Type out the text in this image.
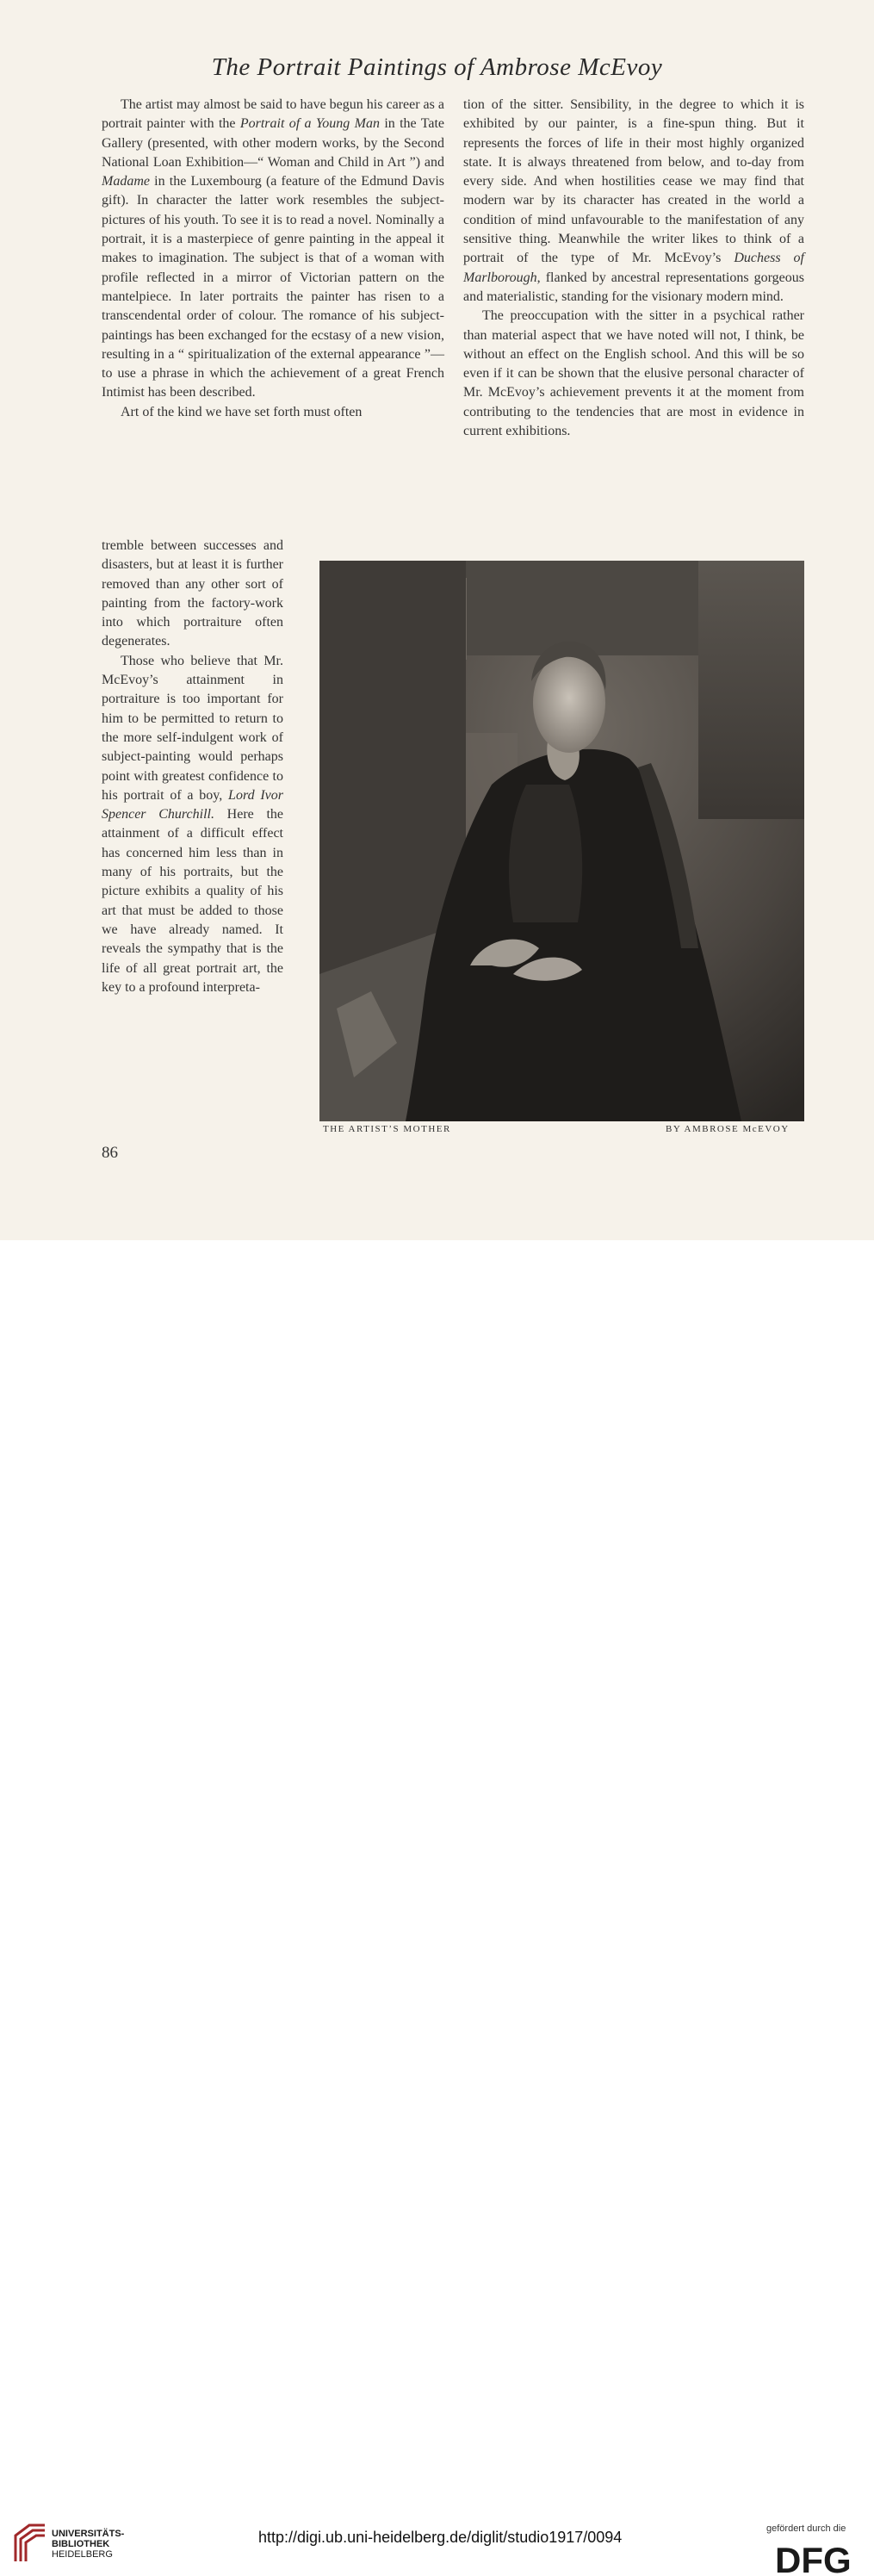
The Portrait Paintings of Ambrose McEvoy

The artist may almost be said to have begun his career as a portrait painter with the Portrait of a Young Man in the Tate Gallery (presented, with other modern works, by the Second National Loan Exhibition—“ Woman and Child in Art ”) and Madame in the Luxembourg (a feature of the Edmund Davis gift). In character the latter work resembles the subject-pictures of his youth. To see it is to read a novel. Nominally a portrait, it is a masterpiece of genre painting in the appeal it makes to imagination. The subject is that of a woman with profile reflected in a mirror of Victorian pattern on the mantelpiece. In later portraits the painter has risen to a transcendental order of colour. The romance of his subject-paintings has been exchanged for the ecstasy of a new vision, resulting in a “ spiritualization of the external appearance ”—to use a phrase in which the achievement of a great French Intimist has been described.

Art of the kind we have set forth must often

tremble between successes and disasters, but at least it is further removed than any other sort of painting from the factory-work into which portraiture often degenerates.

Those who believe that Mr. McEvoy’s attainment in portraiture is too important for him to be permitted to return to the more self-indulgent work of subject-painting would perhaps point with greatest confidence to his portrait of a boy, Lord Ivor Spencer Churchill. Here the attainment of a difficult effect has concerned him less than in many of his portraits, but the picture exhibits a quality of his art that must be added to those we have already named. It reveals the sympathy that is the life of all great portrait art, the key to a profound interpreta-

tion of the sitter. Sensibility, in the degree to which it is exhibited by our painter, is a fine-spun thing. But it represents the forces of life in their most highly organized state. It is always threatened from below, and to-day from every side. And when hostilities cease we may find that modern war by its character has created in the world a condition of mind unfavourable to the manifestation of any sensitive thing. Meanwhile the writer likes to think of a portrait of the type of Mr. McEvoy’s Duchess of Marlborough, flanked by ancestral representations gorgeous and materialistic, standing for the visionary modern mind.

The preoccupation with the sitter in a psychical rather than material aspect that we have noted will not, I think, be without an effect on the English school. And this will be so even if it can be shown that the elusive personal character of Mr. McEvoy’s achievement prevents it at the moment from contributing to the tendencies that are most in evidence in current exhibitions.

THE ARTIST’S MOTHER	BY AMBROSE McEVOY
86
UNIVERSITÄTS-
BIBLIOTHEK
HEIDELBERG
http://digi.ub.uni-heidelberg.de/diglit/studio1917/0094	gefördert durch die
DFG
